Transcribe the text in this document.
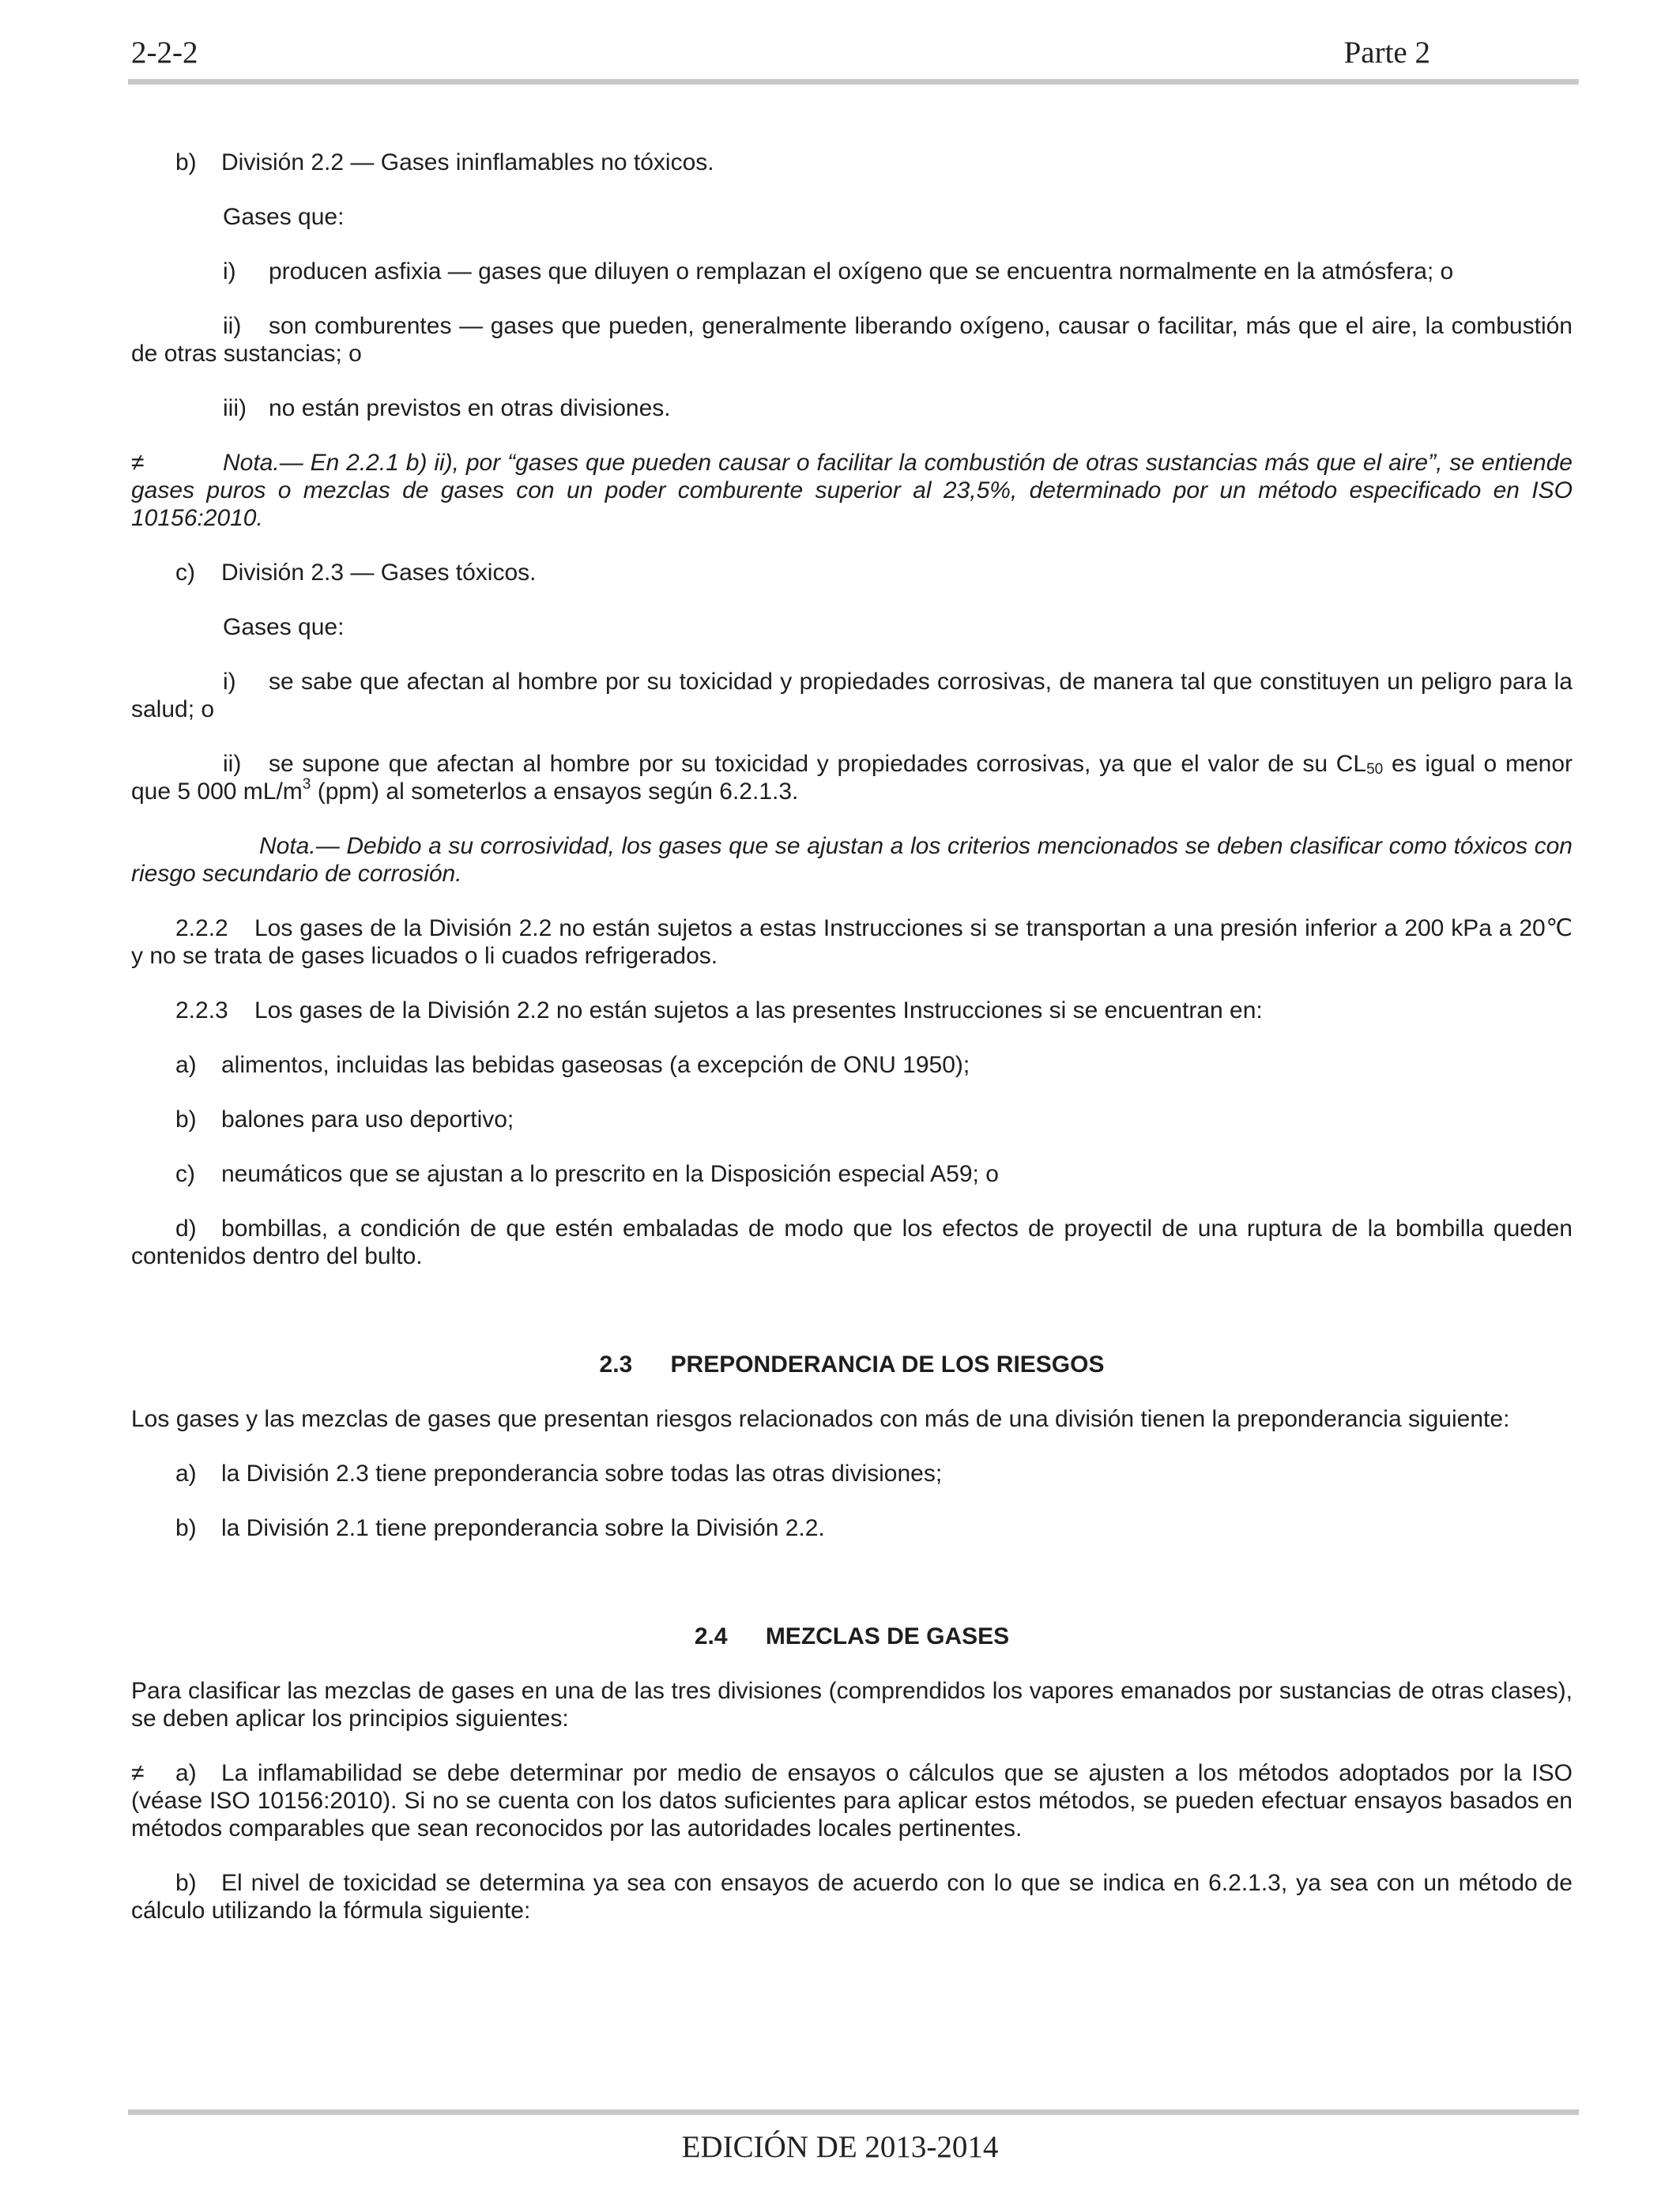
2-2-2	Parte 2

b) División 2.2 — Gases ininflamables no tóxicos.

Gases que:

i) producen asfixia — gases que diluyen o remplazan el oxígeno que se encuentra normalmente en la atmósfera; o

ii) son comburentes — gases que pueden, generalmente liberando oxígeno, causar o facilitar, más que el aire, la combustión de otras sustancias; o

iii) no están previstos en otras divisiones.

≠	Nota.— En 2.2.1 b) ii), por “gases que pueden causar o facilitar la combustión de otras sustancias más que el aire”, se entiende gases puros o mezclas de gases con un poder comburente superior al 23,5%, determinado por un método especificado en ISO 10156:2010.

c) División 2.3 — Gases tóxicos.

Gases que:

i) se sabe que afectan al hombre por su toxicidad y propiedades corrosivas, de manera tal que constituyen un peligro para la salud; o

ii) se supone que afectan al hombre por su toxicidad y propiedades corrosivas, ya que el valor de su CL50 es igual o menor que 5 000 $mL/m^3$ (ppm) al someterlos a ensayos según 6.2.1.3.

Nota.— Debido a su corrosividad, los gases que se ajustan a los criterios mencionados se deben clasificar como tóxicos con riesgo secundario de corrosión.

2.2.2 Los gases de la División 2.2 no están sujetos a estas Instrucciones si se transportan a una presión inferior a 200 kPa a 20℃ y no se trata de gases licuados o li cuados refrigerados.

2.2.3 Los gases de la División 2.2 no están sujetos a las presentes Instrucciones si se encuentran en:

a) alimentos, incluidas las bebidas gaseosas (a excepción de ONU 1950);

b) balones para uso deportivo;

c) neumáticos que se ajustan a lo prescrito en la Disposición especial A59; o

d) bombillas, a condición de que estén embaladas de modo que los efectos de proyectil de una ruptura de la bombilla queden contenidos dentro del bulto.

2.3 PREPONDERANCIA DE LOS RIESGOS

Los gases y las mezclas de gases que presentan riesgos relacionados con más de una división tienen la preponderancia siguiente:

a) la División 2.3 tiene preponderancia sobre todas las otras divisiones;

b) la División 2.1 tiene preponderancia sobre la División 2.2.

2.4 MEZCLAS DE GASES

Para clasificar las mezclas de gases en una de las tres divisiones (comprendidos los vapores emanados por sustancias de otras clases), se deben aplicar los principios siguientes:

≠ a) La inflamabilidad se debe determinar por medio de ensayos o cálculos que se ajusten a los métodos adoptados por la ISO (véase ISO 10156:2010). Si no se cuenta con los datos suficientes para aplicar estos métodos, se pueden efectuar ensayos basados en métodos comparables que sean reconocidos por las autoridades locales pertinentes.

b) El nivel de toxicidad se determina ya sea con ensayos de acuerdo con lo que se indica en 6.2.1.3, ya sea con un método de cálculo utilizando la fórmula siguiente:

EDICIÓN DE 2013-2014
